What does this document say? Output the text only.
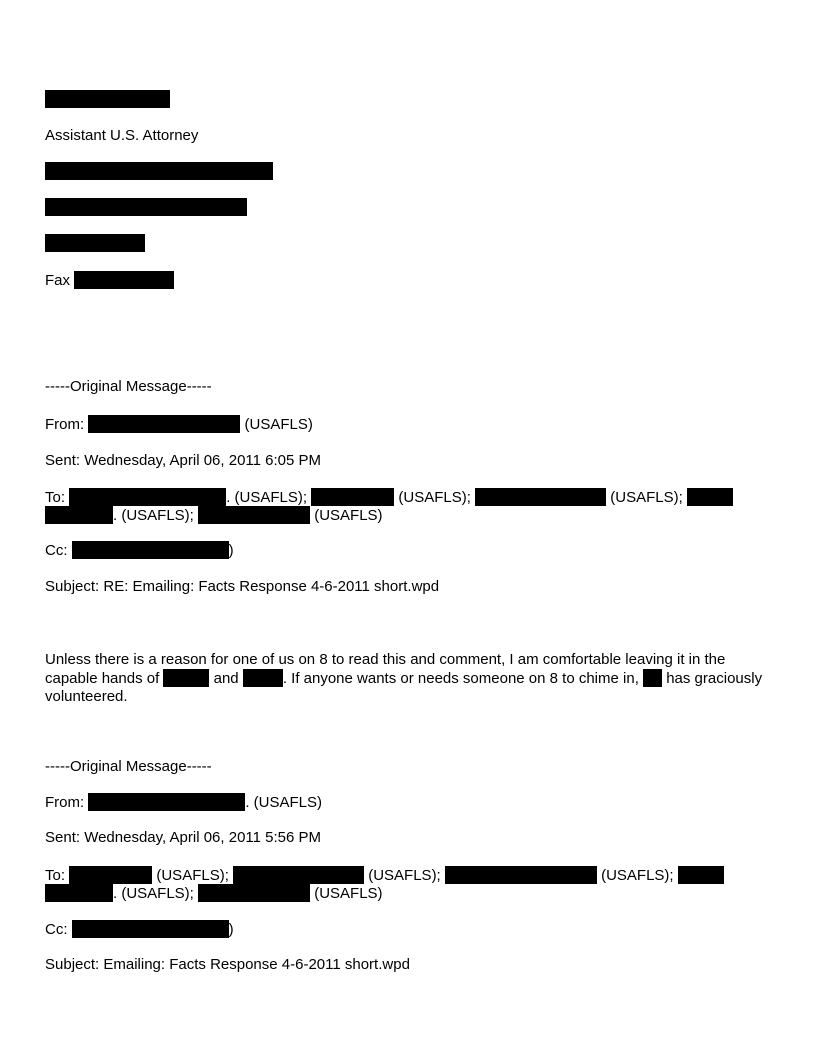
Assistant U.S. Attorney
Fax
-----Original Message-----
From:	(USAFLS)
Sent: Wednesday, April 06, 2011 6:05 PM
To:	. (USAFLS);	(USAFLS);	(USAFLS);
. (USAFLS);	(USAFLS)
Cc:	)
Subject: RE: Emailing: Facts Response 4-6-2011 short.wpd
Unless there is a reason for one of us on 8 to read this and comment, I am comfortable leaving it in the capable hands of	and	. If anyone wants or needs someone on 8 to chime in, has graciously volunteered.
-----Original Message-----
From:	. (USAFLS)
Sent: Wednesday, April 06, 2011 5:56 PM
To:	(USAFLS);	(USAFLS);	(USAFLS);
. (USAFLS);	(USAFLS)
Cc:	)
Subject: Emailing: Facts Response 4-6-2011 short.wpd
